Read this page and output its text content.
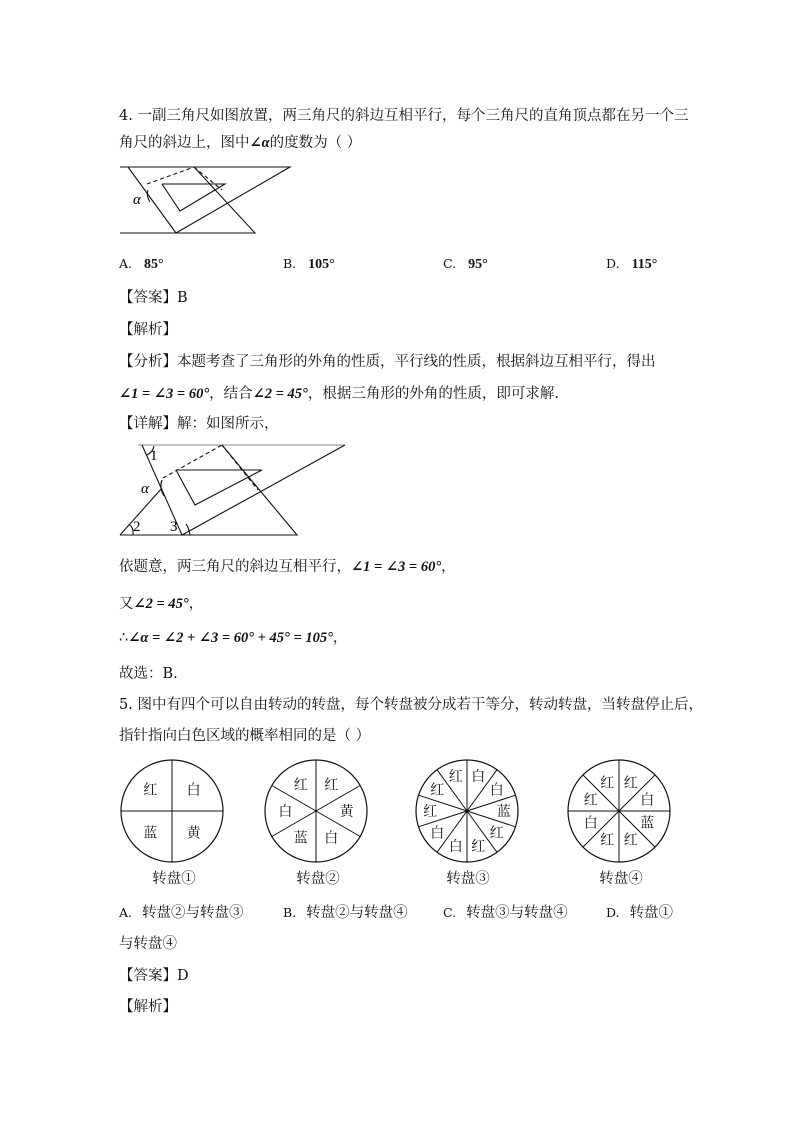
4. 一副三角尺如图放置，两三角尺的斜边互相平行，每个三角尺的直角顶点都在另一个三
角尺的斜边上，图中∠α的度数为（ ）
α
A. 85°	B. 105°	C. 95°	D. 115°
【答案】B
【解析】
【分析】本题考查了三角形的外角的性质，平行线的性质，根据斜边互相平行，得出
∠1 = ∠3 = 60°，结合∠2 = 45°，根据三角形的外角的性质，即可求解.
【详解】解：如图所示，
1
α
2 3
依题意，两三角尺的斜边互相平行，∠1 = ∠3 = 60°，
又∠2 = 45°，
∴∠α = ∠2 + ∠3 = 60° + 45° = 105°，
故选：B.
5. 图中有四个可以自由转动的转盘，每个转盘被分成若干等分，转动转盘，当转盘停止后，
指针指向白色区域的概率相同的是（ ）
白
黄
蓝
红	红
黄
白
蓝
白
红
白
白
蓝
红
红
白
白
红
红
红	红
白
蓝
红
红
白
红
红
转盘①	转盘②	转盘③	转盘④
A. 转盘②与转盘③	B. 转盘②与转盘④	C. 转盘③与转盘④	D. 转盘①
与转盘④
【答案】D
【解析】
